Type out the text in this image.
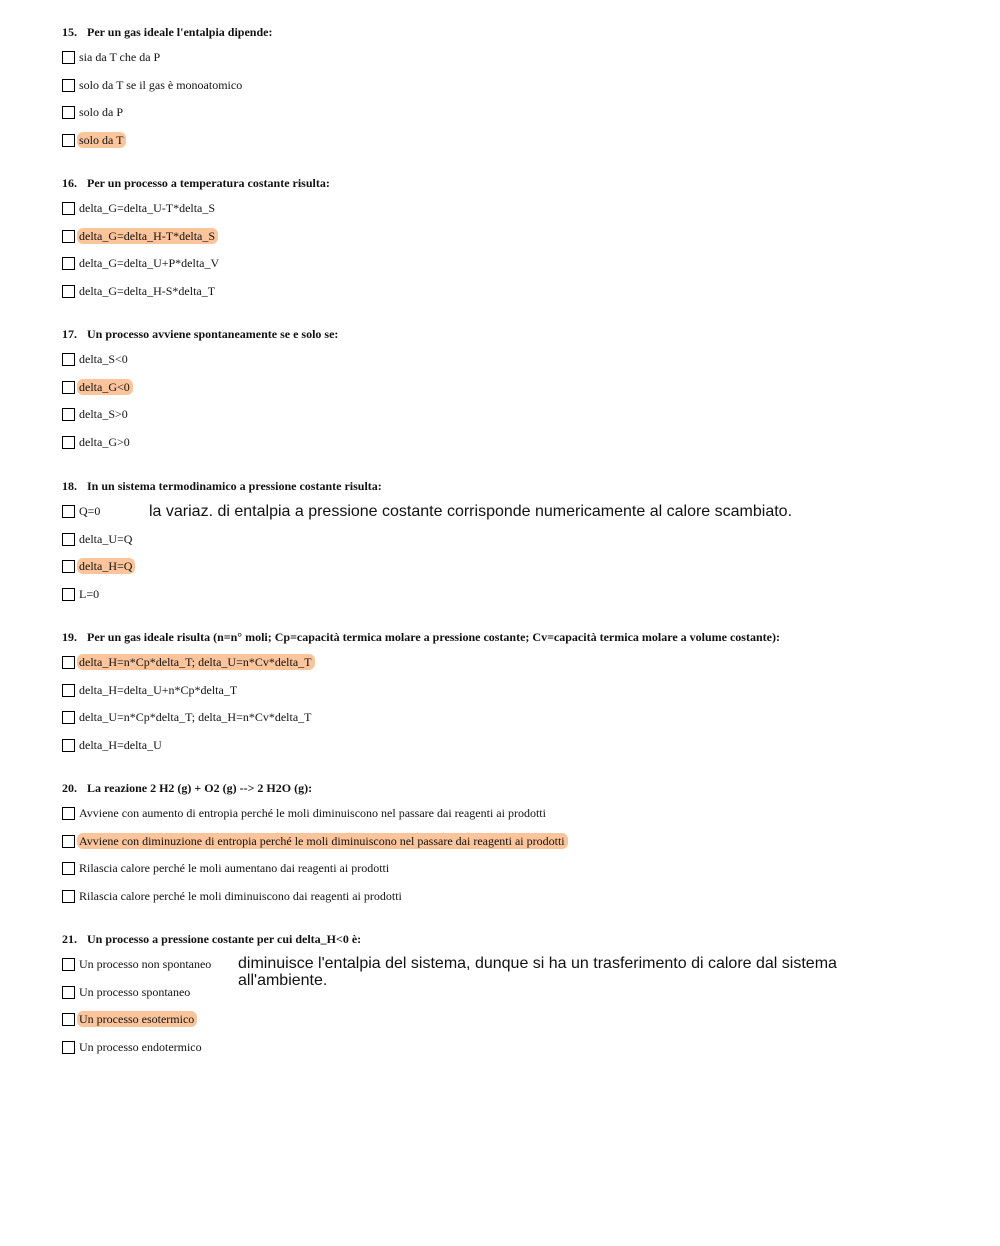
15. Per un gas ideale l'entalpia dipende:
sia da T che da P
solo da T se il gas è monoatomico
solo da P
solo da T
16. Per un processo a temperatura costante risulta:
delta_G=delta_U-T*delta_S
delta_G=delta_H-T*delta_S
delta_G=delta_U+P*delta_V
delta_G=delta_H-S*delta_T
17. Un processo avviene spontaneamente se e solo se:
delta_S<0
delta_G<0
delta_S>0
delta_G>0
18. In un sistema termodinamico a pressione costante risulta:
Q=0
delta_U=Q
delta_H=Q
L=0
la variaz. di entalpia a pressione costante corrisponde numericamente al calore scambiato.
19. Per un gas ideale risulta (n=n° moli; Cp=capacità termica molare a pressione costante; Cv=capacità termica molare a volume costante):
delta_H=n*Cp*delta_T; delta_U=n*Cv*delta_T
delta_H=delta_U+n*Cp*delta_T
delta_U=n*Cp*delta_T; delta_H=n*Cv*delta_T
delta_H=delta_U
20. La reazione 2 H2 (g) + O2 (g) --> 2 H2O (g):
Avviene con aumento di entropia perché le moli diminuiscono nel passare dai reagenti ai prodotti
Avviene con diminuzione di entropia perché le moli diminuiscono nel passare dai reagenti ai prodotti
Rilascia calore perché le moli aumentano dai reagenti ai prodotti
Rilascia calore perché le moli diminuiscono dai reagenti ai prodotti
21. Un processo a pressione costante per cui delta_H<0 è:
Un processo non spontaneo
Un processo spontaneo
Un processo esotermico
Un processo endotermico
diminuisce l'entalpia del sistema, dunque si ha un trasferimento di calore dal sistema
all'ambiente.
